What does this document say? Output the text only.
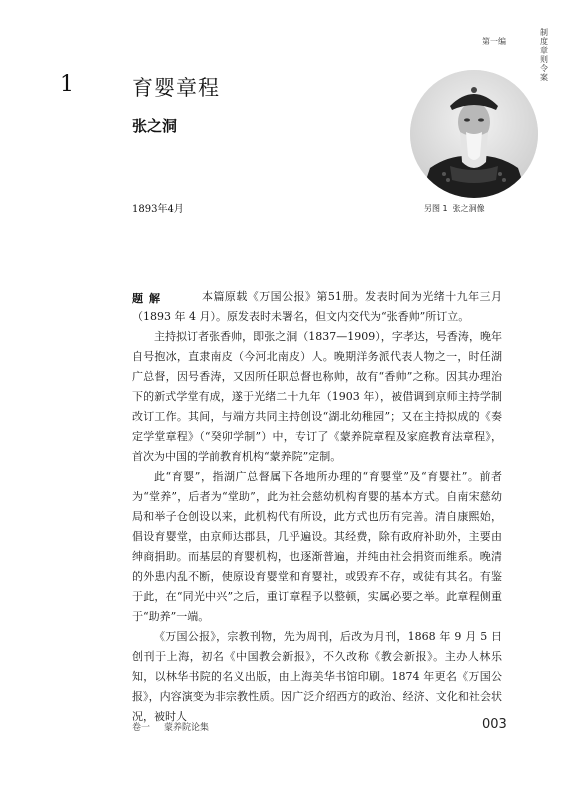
第一编
制度章则令案
1	育婴章程
张之洞
1893年4月	另图 1 张之洞像
题解	本篇原载《万国公报》第51册。发表时间为光绪十九年三月（1893 年 4 月）。原发表时未署名，但文内交代为“张香帅”所订立。

主持拟订者张香帅，即张之洞（1837—1909），字孝达，号香涛，晚年自号抱冰，直隶南皮（今河北南皮）人。晚期洋务派代表人物之一，时任湖广总督，因号香涛，又因所任职总督也称帅，故有“香帅”之称。因其办理治下的新式学堂有成，遂于光绪二十九年（1903 年），被借调到京师主持学制改订工作。其间，与端方共同主持创设“湖北幼稚园”；又在主持拟成的《奏定学堂章程》（“癸卯学制”）中，专订了《蒙养院章程及家庭教育法章程》，首次为中国的学前教育机构“蒙养院”定制。

此“育婴”，指湖广总督属下各地所办理的“育婴堂”及“育婴社”。前者为“堂养”，后者为“堂助”，此为社会慈幼机构育婴的基本方式。自南宋慈幼局和举子仓创设以来，此机构代有所设，此方式也历有完善。清自康熙始，倡设育婴堂，由京师达郡县，几乎遍设。其经费，除有政府补助外，主要由绅商捐助。而基层的育婴机构，也逐渐普遍，并纯由社会捐资而维系。晚清的外患内乱不断，使原设育婴堂和育婴社，或毁弃不存，或徒有其名。有鉴于此，在“同光中兴”之后，重订章程予以整顿，实属必要之举。此章程侧重于“助养”一端。

《万国公报》，宗教刊物，先为周刊，后改为月刊，1868 年 9 月 5 日创刊于上海，初名《中国教会新报》，不久改称《教会新报》。主办人林乐知，以林华书院的名义出版，由上海美华书馆印刷。1874 年更名《万国公报》，内容演变为非宗教性质。因广泛介绍西方的政治、经济、文化和社会状况，被时人

卷一 蒙养院论集	003
